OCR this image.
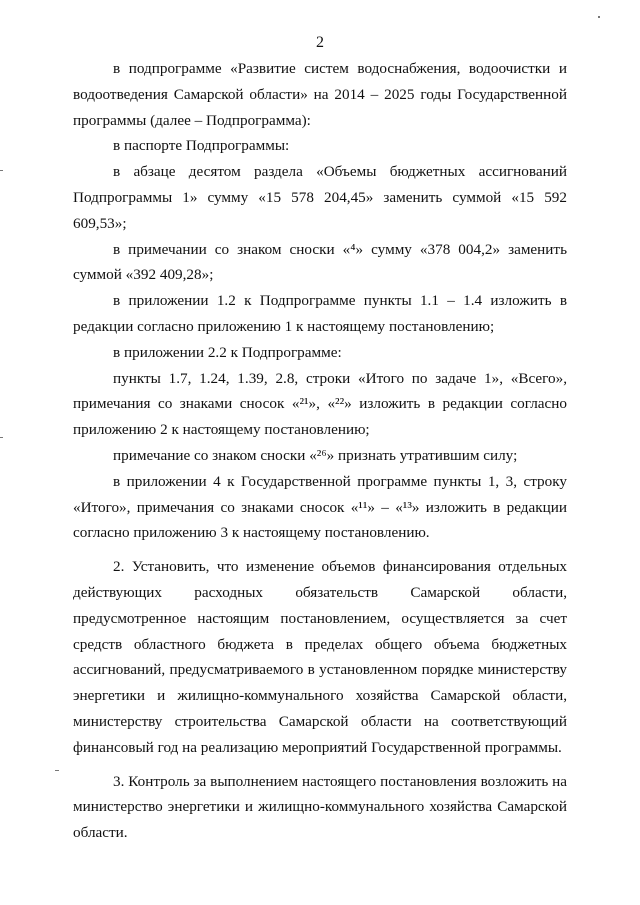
2

в подпрограмме «Развитие систем водоснабжения, водоочистки и водоотведения Самарской области» на 2014 – 2025 годы Государственной программы (далее – Подпрограмма):

в паспорте Подпрограммы:

в абзаце десятом раздела «Объемы бюджетных ассигнований Подпрограммы 1» сумму «15 578 204,45» заменить суммой «15 592 609,53»;

в примечании со знаком сноски «⁴» сумму «378 004,2» заменить суммой «392 409,28»;

в приложении 1.2 к Подпрограмме пункты 1.1 – 1.4 изложить в редакции согласно приложению 1 к настоящему постановлению;

в приложении 2.2 к Подпрограмме:

пункты 1.7, 1.24, 1.39, 2.8, строки «Итого по задаче 1», «Всего», примечания со знаками сносок «²¹», «²²» изложить в редакции согласно приложению 2 к настоящему постановлению;

примечание со знаком сноски «²⁶» признать утратившим силу;

в приложении 4 к Государственной программе пункты 1, 3, строку «Итого», примечания со знаками сносок «¹¹» – «¹³» изложить в редакции согласно приложению 3 к настоящему постановлению.

2. Установить, что изменение объемов финансирования отдельных действующих расходных обязательств Самарской области, предусмотренное настоящим постановлением, осуществляется за счет средств областного бюджета в пределах общего объема бюджетных ассигнований, предусматриваемого в установленном порядке министерству энергетики и жилищно-коммунального хозяйства Самарской области, министерству строительства Самарской области на соответствующий финансовый год на реализацию мероприятий Государственной программы.

3. Контроль за выполнением настоящего постановления возложить на министерство энергетики и жилищно-коммунального хозяйства Самарской области.
